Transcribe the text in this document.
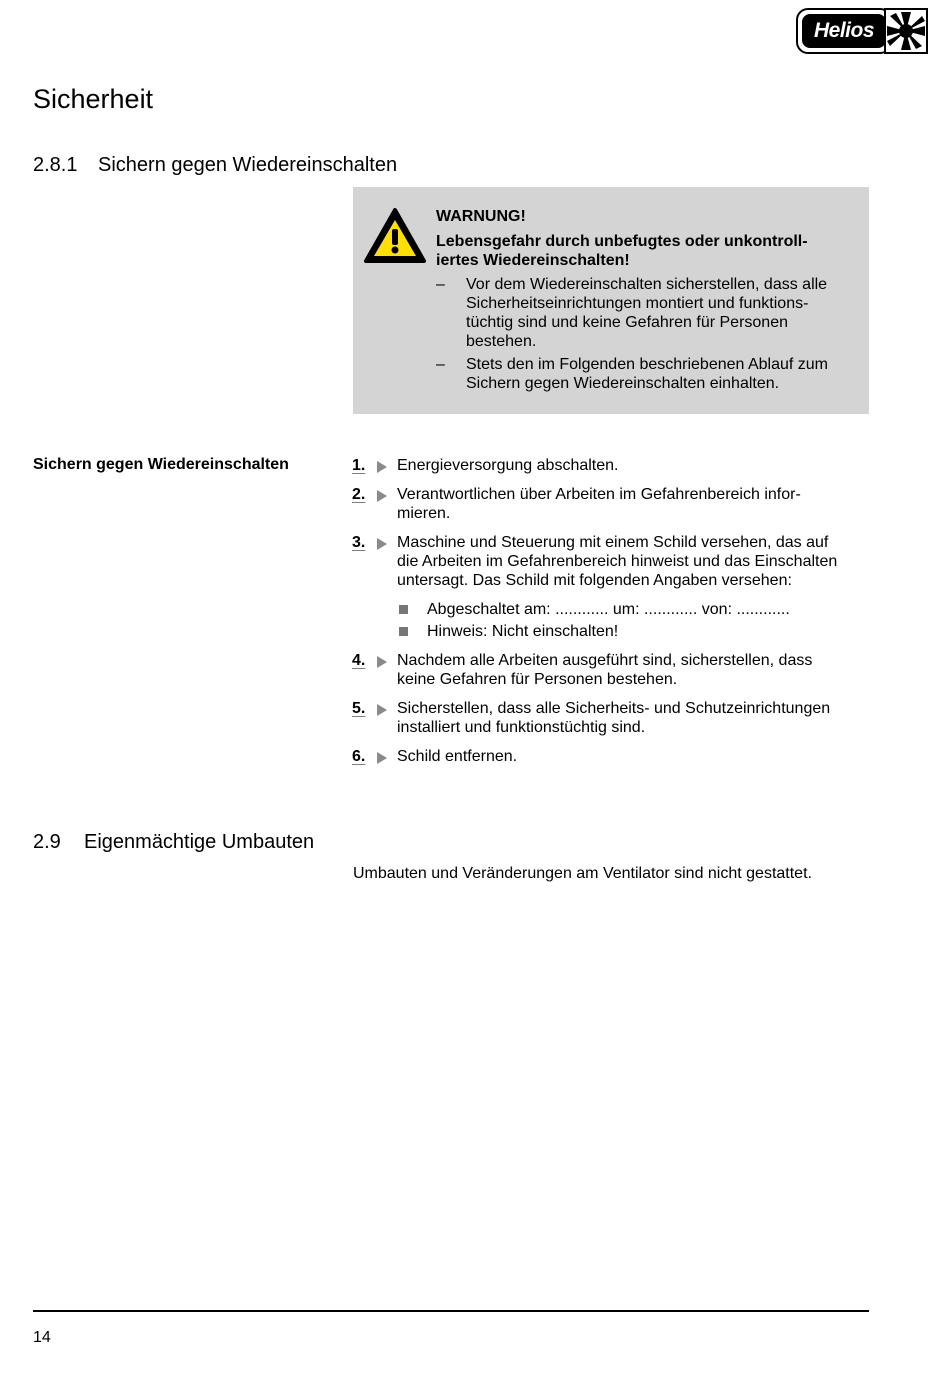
Helios
Sicherheit
2.8.1 Sichern gegen Wiedereinschalten
WARNUNG!
Lebensgefahr durch unbefugtes oder unkontroll-
iertes Wiedereinschalten!
– Vor dem Wiedereinschalten sicherstellen, dass alle
Sicherheitseinrichtungen montiert und funktions-
tüchtig sind und keine Gefahren für Personen
bestehen.
– Stets den im Folgenden beschriebenen Ablauf zum
Sichern gegen Wiedereinschalten einhalten.
Sichern gegen Wiedereinschalten	1.	Energieversorgung abschalten.
2.	Verantwortlichen über Arbeiten im Gefahrenbereich infor-
mieren.
3.	Maschine und Steuerung mit einem Schild versehen, das auf
die Arbeiten im Gefahrenbereich hinweist und das Einschalten
untersagt. Das Schild mit folgenden Angaben versehen:
Abgeschaltet am: ............ um: ............ von: ............
Hinweis: Nicht einschalten!
4.	Nachdem alle Arbeiten ausgeführt sind, sicherstellen, dass
keine Gefahren für Personen bestehen.
5.	Sicherstellen, dass alle Sicherheits- und Schutzeinrichtungen
installiert und funktionstüchtig sind.
6.	Schild entfernen.
2.9 Eigenmächtige Umbauten
Umbauten und Veränderungen am Ventilator sind nicht gestattet.
14
